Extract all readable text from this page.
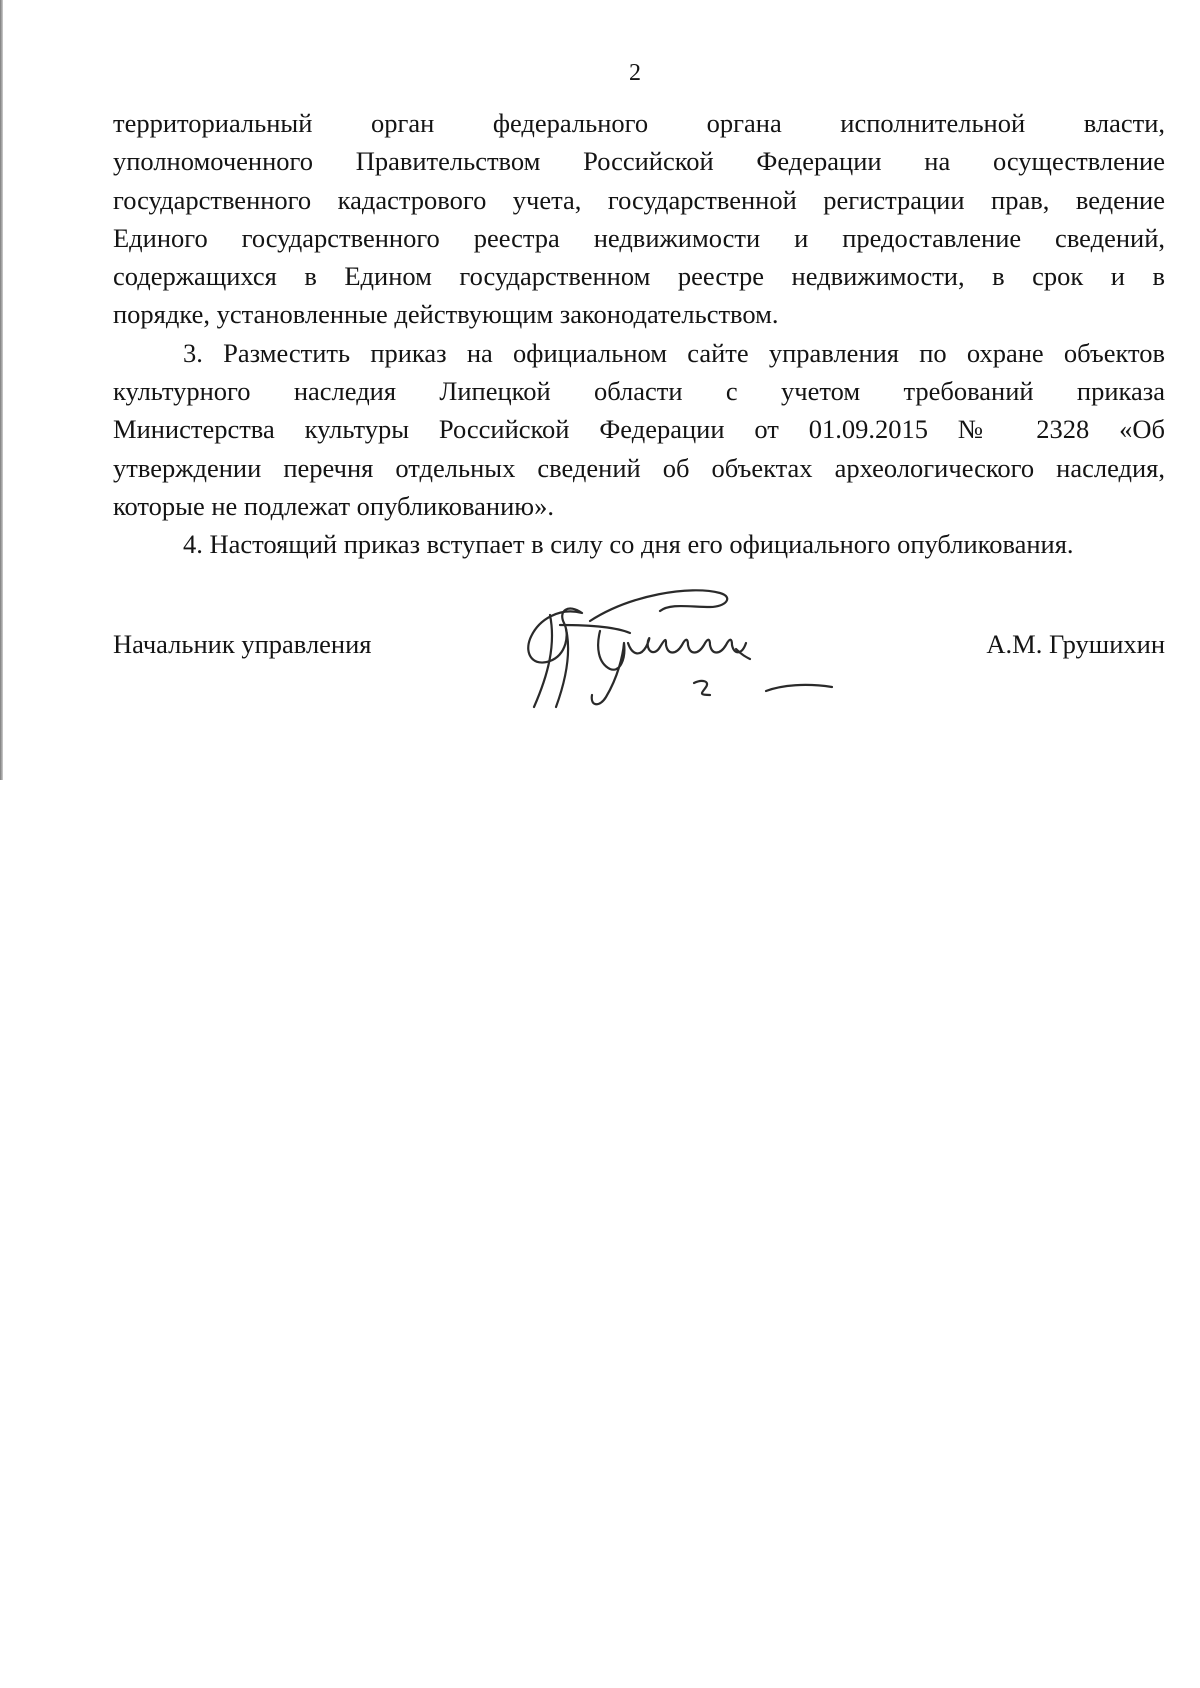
2

территориальный орган федерального органа исполнительной власти,
уполномоченного Правительством Российской Федерации на осуществление
государственного кадастрового учета, государственной регистрации прав, ведение
Единого государственного реестра недвижимости и предоставление сведений,
содержащихся в Едином государственном реестре недвижимости, в срок и в
порядке, установленные действующим законодательством.

3. Разместить приказ на официальном сайте управления по охране объектов
культурного наследия Липецкой области с учетом требований приказа
Министерства культуры Российской Федерации от 01.09.2015 № 2328 «Об
утверждении перечня отдельных сведений об объектах археологического наследия,
которые не подлежат опубликованию».

4. Настоящий приказ вступает в силу со дня его официального опубликования.

Начальник управления	А.М. Грушихин
